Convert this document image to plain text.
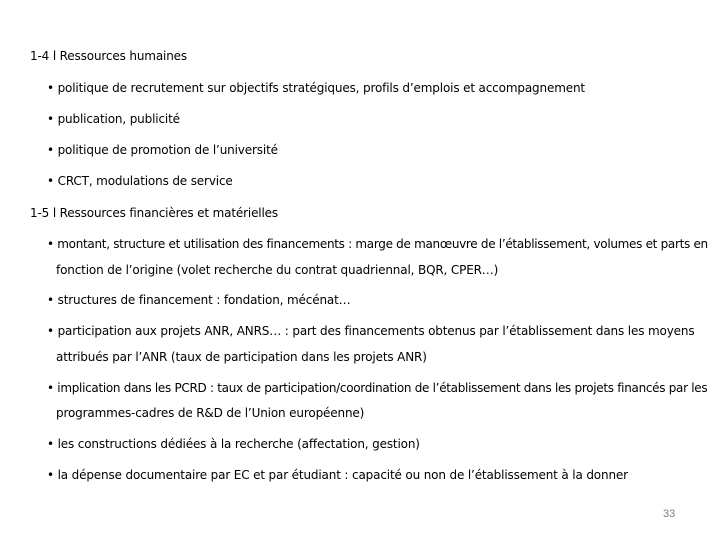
1-4 l Ressources humaines
• politique de recrutement sur objectifs stratégiques, profils d’emplois et accompagnement
• publication, publicité
• politique de promotion de l’université
• CRCT, modulations de service
1-5 l Ressources financières et matérielles
• montant, structure et utilisation des financements : marge de manœuvre de l’établissement, volumes et parts en
fonction de l’origine (volet recherche du contrat quadriennal, BQR, CPER…)
• structures de financement : fondation, mécénat…
• participation aux projets ANR, ANRS… : part des financements obtenus par l’établissement dans les moyens
attribués par l’ANR (taux de participation dans les projets ANR)
• implication dans les PCRD : taux de participation/coordination de l’établissement dans les projets financés par les
programmes-cadres de R&D de l’Union européenne)
• les constructions dédiées à la recherche (affectation, gestion)
• la dépense documentaire par EC et par étudiant : capacité ou non de l’établissement à la donner
33
